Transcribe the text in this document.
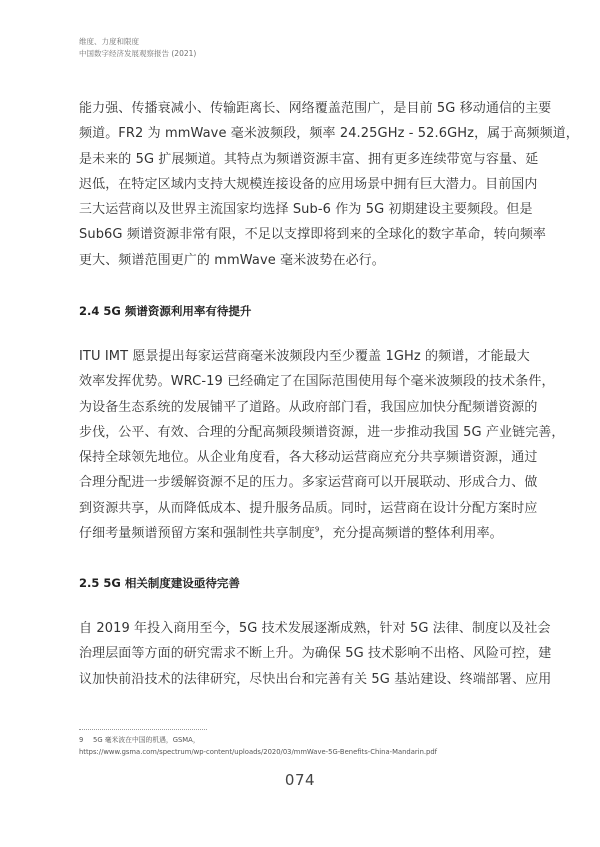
维度、力度和限度
中国数字经济发展观察报告 (2021)

能力强、传播衰减小、传输距离长、网络覆盖范围广，是目前 5G 移动通信的主要
频道。FR2 为 mmWave 毫米波频段，频率 24.25GHz - 52.6GHz，属于高频频道，
是未来的 5G 扩展频道。其特点为频谱资源丰富、拥有更多连续带宽与容量、延
迟低，在特定区域内支持大规模连接设备的应用场景中拥有巨大潜力。目前国内
三大运营商以及世界主流国家均选择 Sub-6 作为 5G 初期建设主要频段。但是
Sub6G 频谱资源非常有限，不足以支撑即将到来的全球化的数字革命，转向频率
更大、频谱范围更广的 mmWave 毫米波势在必行。

2.4 5G 频谱资源利用率有待提升

ITU IMT 愿景提出每家运营商毫米波频段内至少覆盖 1GHz 的频谱，才能最大
效率发挥优势。WRC-19 已经确定了在国际范围使用每个毫米波频段的技术条件，
为设备生态系统的发展铺平了道路。从政府部门看，我国应加快分配频谱资源的
步伐，公平、有效、合理的分配高频段频谱资源，进一步推动我国 5G 产业链完善，
保持全球领先地位。从企业角度看，各大移动运营商应充分共享频谱资源，通过
合理分配进一步缓解资源不足的压力。多家运营商可以开展联动、形成合力、做
到资源共享，从而降低成本、提升服务品质。同时，运营商在设计分配方案时应
仔细考量频谱预留方案和强制性共享制度$^9$，充分提高频谱的整体利用率。

2.5 5G 相关制度建设亟待完善

自 2019 年投入商用至今，5G 技术发展逐渐成熟，针对 5G 法律、制度以及社会
治理层面等方面的研究需求不断上升。为确保 5G 技术影响不出格、风险可控，建
议加快前沿技术的法律研究，尽快出台和完善有关 5G 基站建设、终端部署、应用

9 5G 毫米波在中国的机遇，GSMA，
https://www.gsma.com/spectrum/wp-content/uploads/2020/03/mmWave-5G-Benefits-China-Mandarin.pdf
074
